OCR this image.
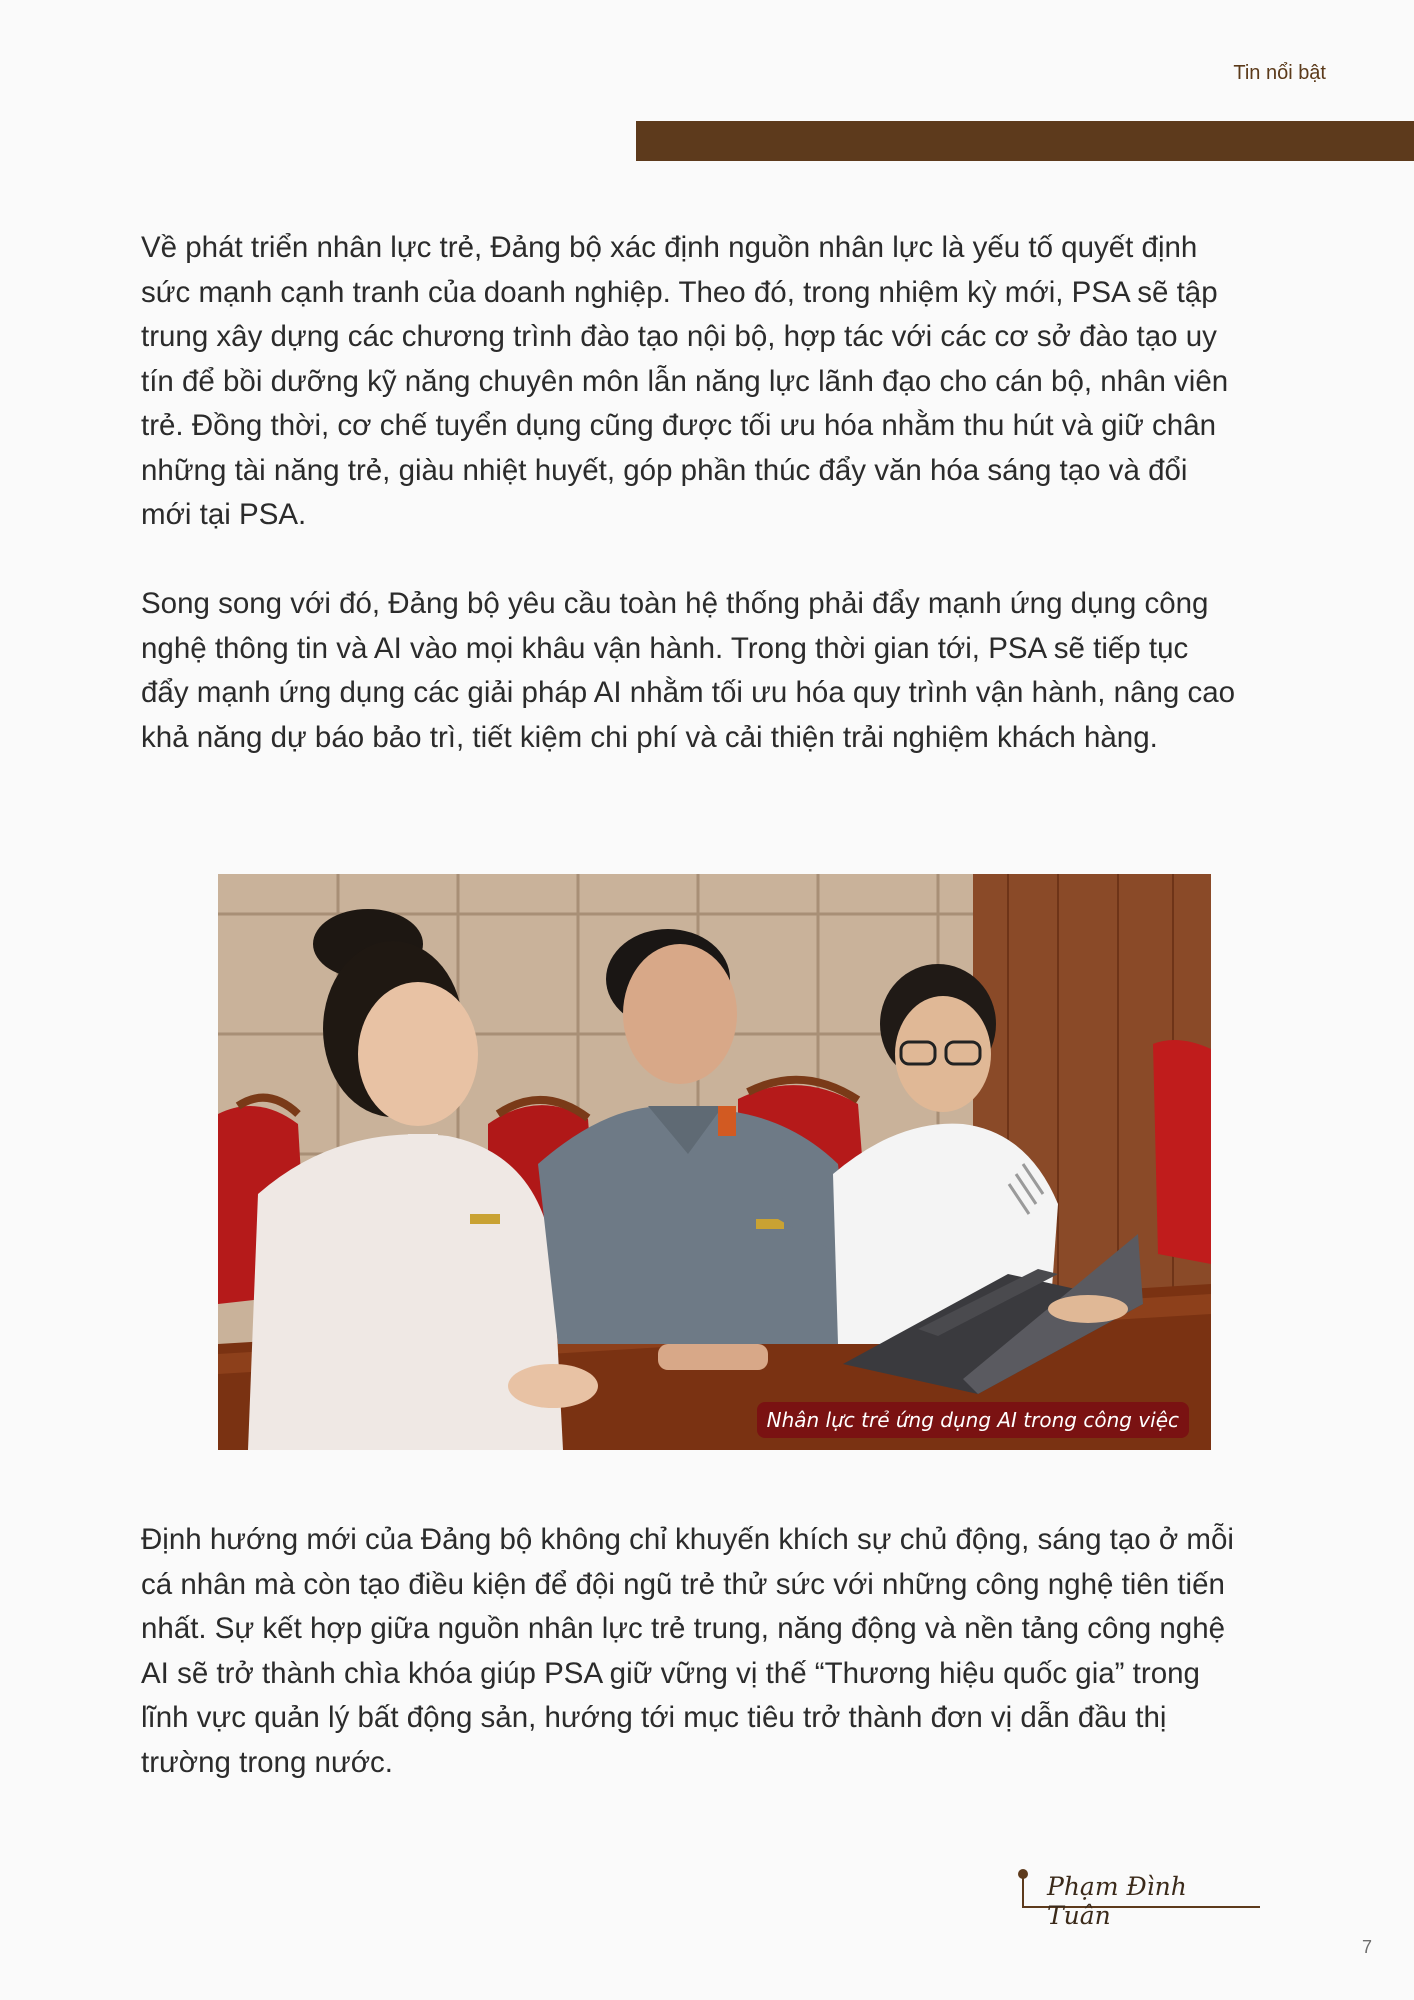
Tin nổi bật

Về phát triển nhân lực trẻ, Đảng bộ xác định nguồn nhân lực là yếu tố quyết định sức mạnh cạnh tranh của doanh nghiệp. Theo đó, trong nhiệm kỳ mới, PSA sẽ tập trung xây dựng các chương trình đào tạo nội bộ, hợp tác với các cơ sở đào tạo uy tín để bồi dưỡng kỹ năng chuyên môn lẫn năng lực lãnh đạo cho cán bộ, nhân viên trẻ. Đồng thời, cơ chế tuyển dụng cũng được tối ưu hóa nhằm thu hút và giữ chân những tài năng trẻ, giàu nhiệt huyết, góp phần thúc đẩy văn hóa sáng tạo và đổi mới tại PSA.

Song song với đó, Đảng bộ yêu cầu toàn hệ thống phải đẩy mạnh ứng dụng công nghệ thông tin và AI vào mọi khâu vận hành. Trong thời gian tới, PSA sẽ tiếp tục đẩy mạnh ứng dụng các giải pháp AI nhằm tối ưu hóa quy trình vận hành, nâng cao khả năng dự báo bảo trì, tiết kiệm chi phí và cải thiện trải nghiệm khách hàng.

Nhân lực trẻ ứng dụng AI trong công việc

Định hướng mới của Đảng bộ không chỉ khuyến khích sự chủ động, sáng tạo ở mỗi cá nhân mà còn tạo điều kiện để đội ngũ trẻ thử sức với những công nghệ tiên tiến nhất. Sự kết hợp giữa nguồn nhân lực trẻ trung, năng động và nền tảng công nghệ AI sẽ trở thành chìa khóa giúp PSA giữ vững vị thế “Thương hiệu quốc gia” trong lĩnh vực quản lý bất động sản, hướng tới mục tiêu trở thành đơn vị dẫn đầu thị trường trong nước.

Phạm Đình Tuân
7
